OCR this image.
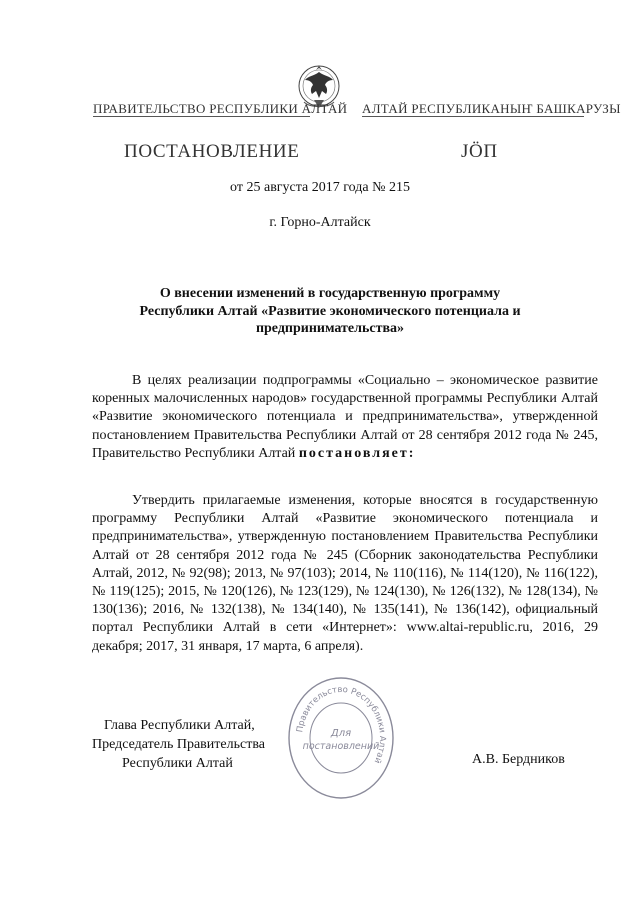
ПРАВИТЕЛЬСТВО РЕСПУБЛИКИ АЛТАЙ АЛТАЙ РЕСПУБЛИКАНЫҤ БАШКАРУЗЫ
ПОСТАНОВЛЕНИЕ	JÖП
от 25 августа 2017 года № 215
г. Горно-Алтайск
О внесении изменений в государственную программу
Республики Алтай «Развитие экономического потенциала и
предпринимательства»

В целях реализации подпрограммы «Социально – экономическое развитие коренных малочисленных народов» государственной программы Республики Алтай «Развитие экономического потенциала и предпринимательства», утвержденной постановлением Правительства Республики Алтай от 28 сентября 2012 года № 245, Правительство Республики Алтай постановляет:

Утвердить прилагаемые изменения, которые вносятся в государственную программу Республики Алтай «Развитие экономического потенциала и предпринимательства», утвержденную постановлением Правительства Республики Алтай от 28 сентября 2012 года № 245 (Сборник законодательства Республики Алтай, 2012, № 92(98); 2013, № 97(103); 2014, № 110(116), № 114(120), № 116(122), № 119(125); 2015, № 120(126), № 123(129), № 124(130), № 126(132), № 128(134), № 130(136); 2016, № 132(138), № 134(140), № 135(141), № 136(142), официальный портал Республики Алтай в сети «Интернет»: www.altai-republic.ru, 2016, 29 декабря; 2017, 31 января, 17 марта, 6 апреля).

Глава Республики Алтай,
Председатель Правительства
Республики Алтай	А.В. Бердников
Правительство Республики Алтай
Для
постановлений
